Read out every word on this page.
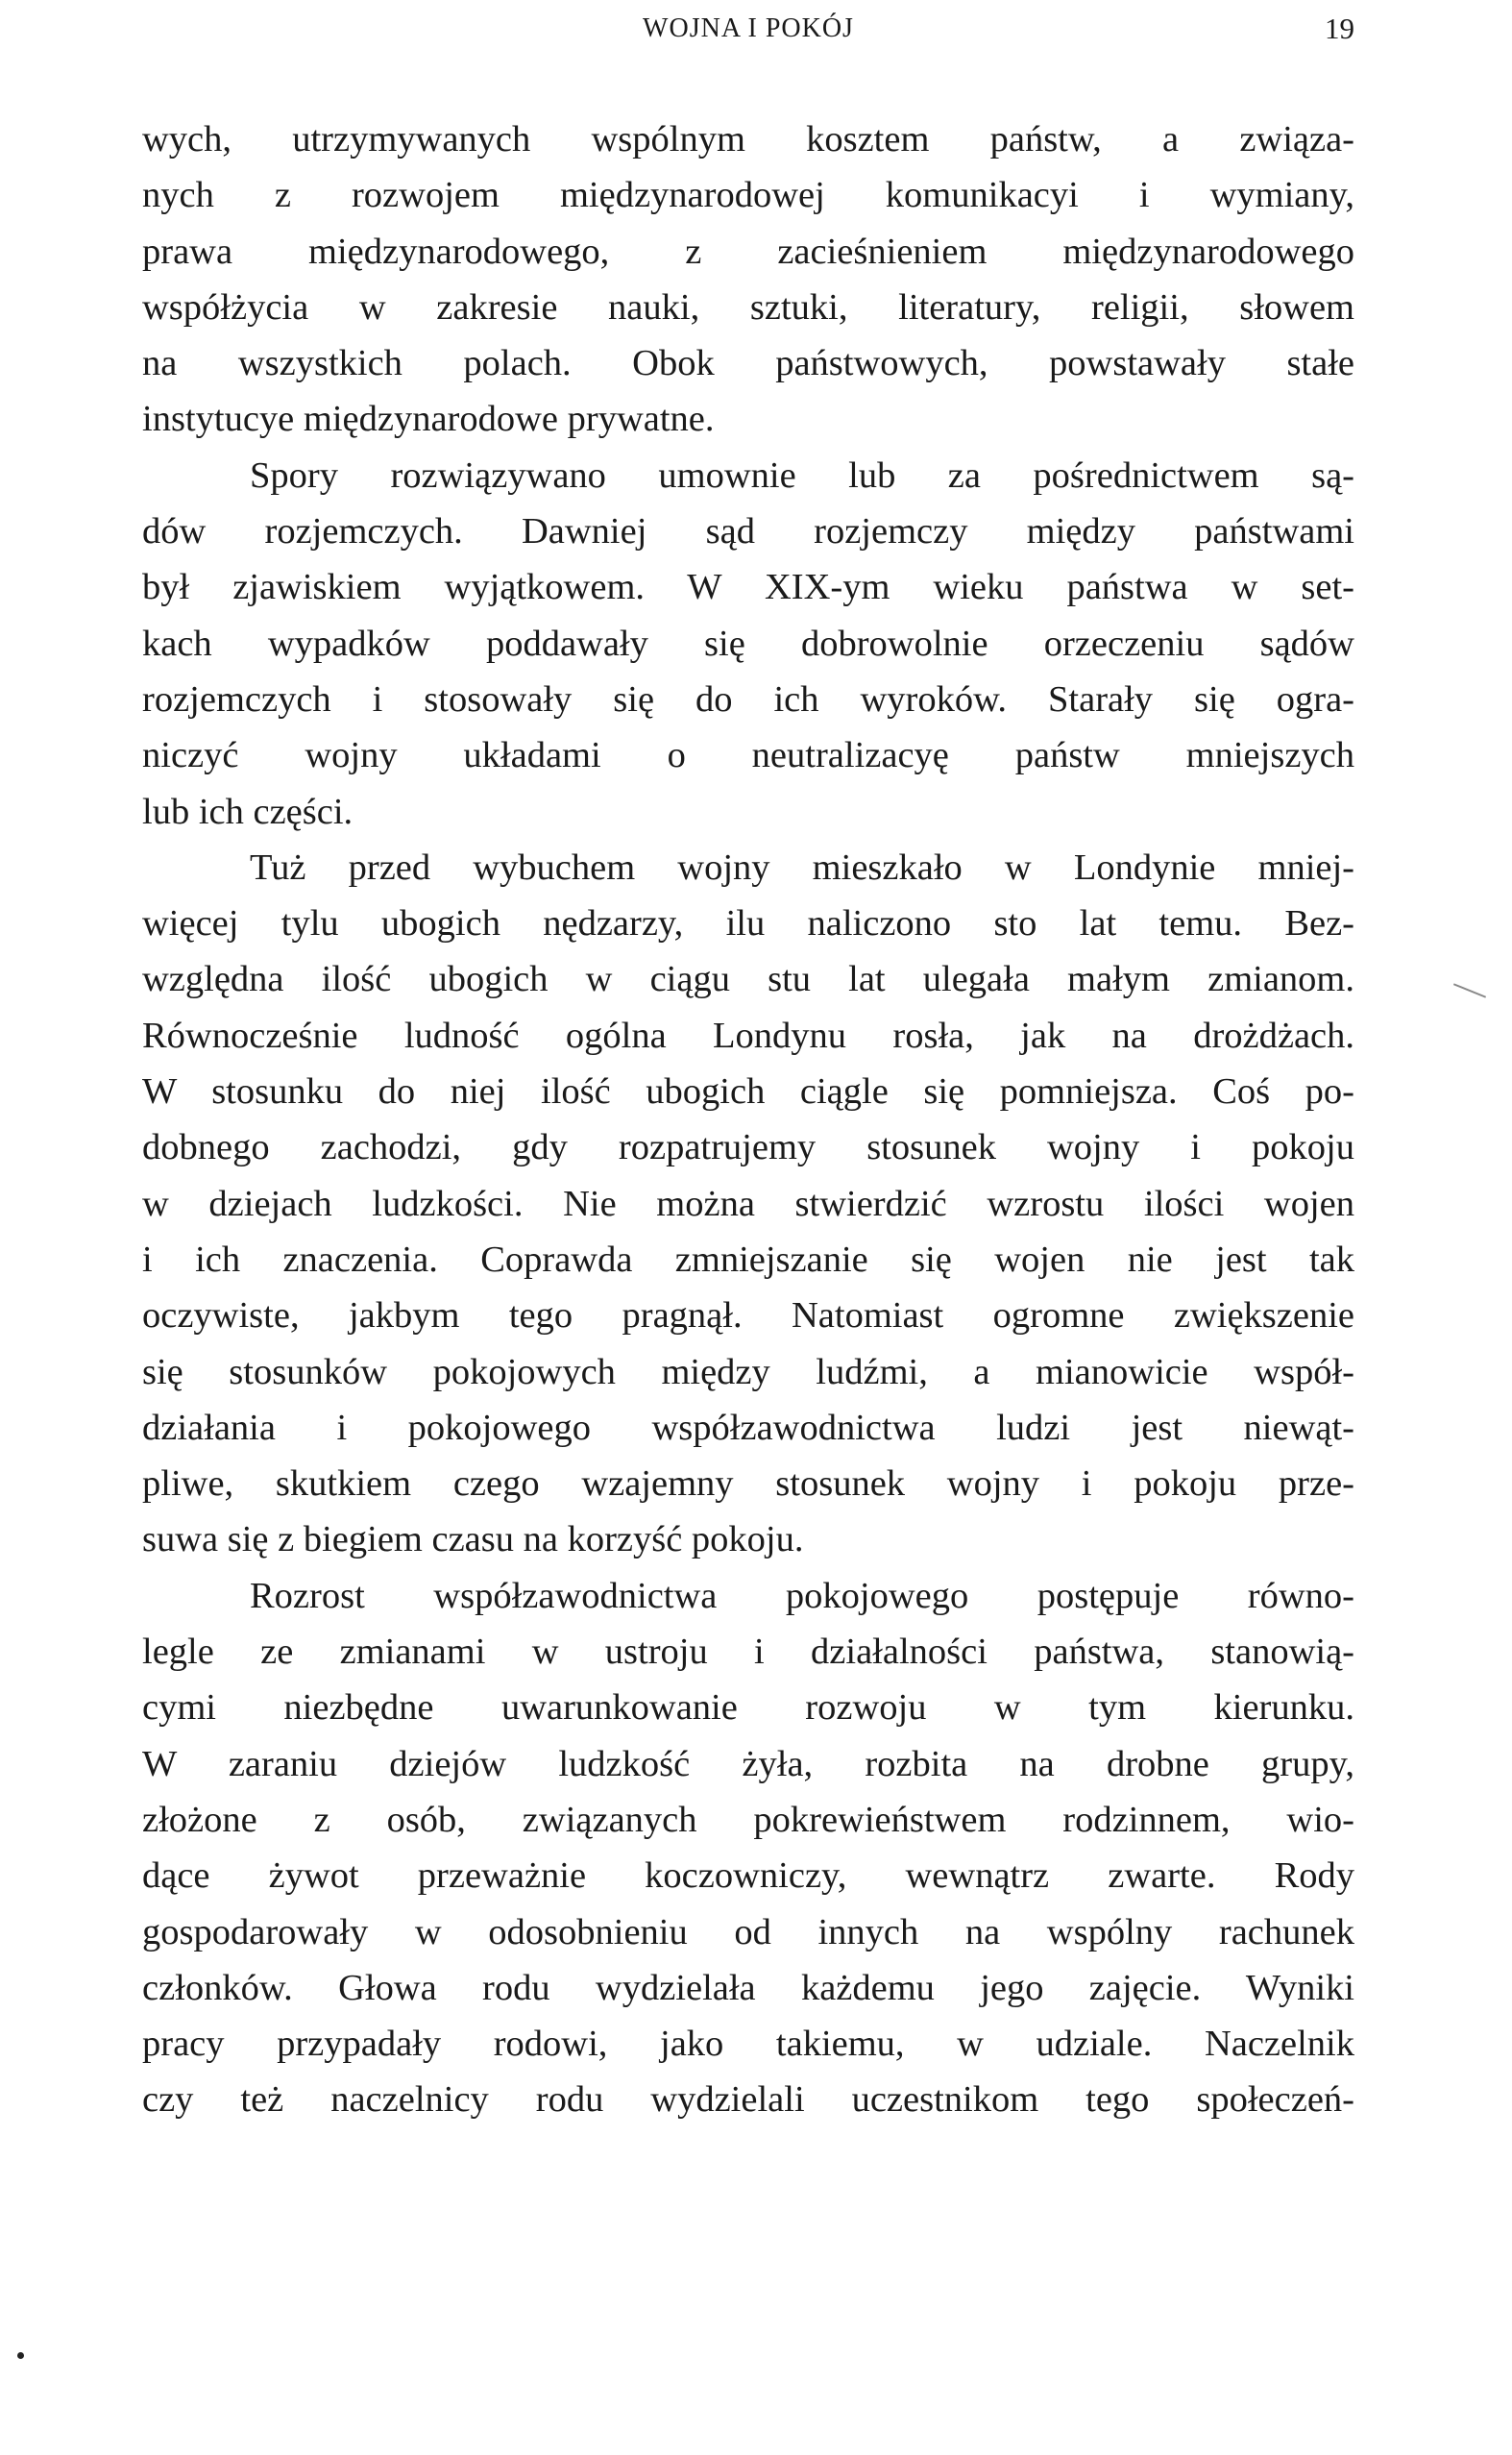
WOJNA I POKÓJ	19
wych, utrzymywanych wspólnym kosztem państw, a związa-
nych z rozwojem międzynarodowej komunikacyi i wymiany,
prawa międzynarodowego, z zacieśnieniem międzynarodowego
współżycia w zakresie nauki, sztuki, literatury, religii, słowem
na wszystkich polach. Obok państwowych, powstawały stałe
instytucye międzynarodowe prywatne.
Spory rozwiązywano umownie lub za pośrednictwem są-
dów rozjemczych. Dawniej sąd rozjemczy między państwami
był zjawiskiem wyjątkowem. W XIX-ym wieku państwa w set-
kach wypadków poddawały się dobrowolnie orzeczeniu sądów
rozjemczych i stosowały się do ich wyroków. Starały się ogra-
niczyć wojny układami o neutralizacyę państw mniejszych
lub ich części.
Tuż przed wybuchem wojny mieszkało w Londynie mniej-
więcej tylu ubogich nędzarzy, ilu naliczono sto lat temu. Bez-
względna ilość ubogich w ciągu stu lat ulegała małym zmianom.
Równocześnie ludność ogólna Londynu rosła, jak na drożdżach.
W stosunku do niej ilość ubogich ciągle się pomniejsza. Coś po-
dobnego zachodzi, gdy rozpatrujemy stosunek wojny i pokoju
w dziejach ludzkości. Nie można stwierdzić wzrostu ilości wojen
i ich znaczenia. Coprawda zmniejszanie się wojen nie jest tak
oczywiste, jakbym tego pragnął. Natomiast ogromne zwiększenie
się stosunków pokojowych między ludźmi, a mianowicie współ-
działania i pokojowego współzawodnictwa ludzi jest niewąt-
pliwe, skutkiem czego wzajemny stosunek wojny i pokoju prze-
suwa się z biegiem czasu na korzyść pokoju.
Rozrost współzawodnictwa pokojowego postępuje równo-
legle ze zmianami w ustroju i działalności państwa, stanowią-
cymi niezbędne uwarunkowanie rozwoju w tym kierunku.
W zaraniu dziejów ludzkość żyła, rozbita na drobne grupy,
złożone z osób, związanych pokrewieństwem rodzinnem, wio-
dące żywot przeważnie koczowniczy, wewnątrz zwarte. Rody
gospodarowały w odosobnieniu od innych na wspólny rachunek
członków. Głowa rodu wydzielała każdemu jego zajęcie. Wyniki
pracy przypadały rodowi, jako takiemu, w udziale. Naczelnik
czy też naczelnicy rodu wydzielali uczestnikom tego społeczeń-
